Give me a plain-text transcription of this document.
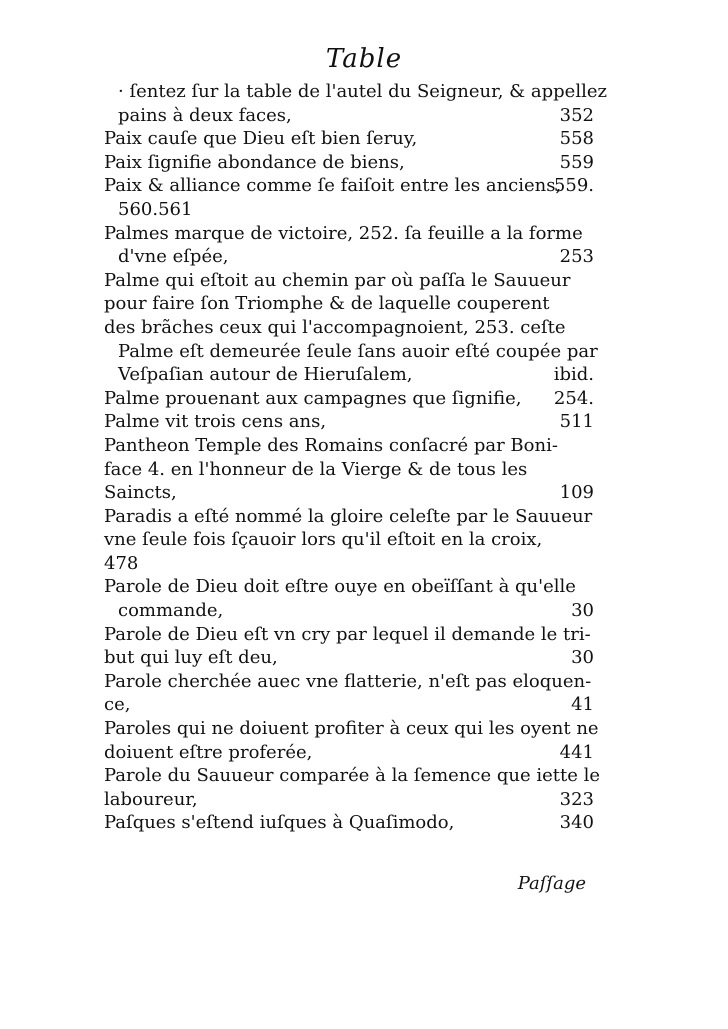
Table
· ſentez ſur la table de l'autel du Seigneur, & appellez
pains à deux faces,	352
Paix cauſe que Dieu eſt bien ſeruy,	558
Paix ſignifie abondance de biens,	559
Paix & alliance comme ſe faiſoit entre les anciens,
559.
560.561
Palmes marque de victoire, 252. ſa feuille a la forme
d'vne eſpée,	253
Palme qui eſtoit au chemin par où paſſa le Sauueur
pour faire ſon Triomphe & de laquelle couperent
des brãches ceux qui l'accompagnoient, 253. ceſte
Palme eſt demeurée ſeule ſans auoir eſté coupée par
Veſpaſian autour de Hieruſalem,	ibid.
Palme prouenant aux campagnes que ſignifie, 254.
Palme vit trois cens ans,	511
Pantheon Temple des Romains conſacré par Boni-
face 4. en l'honneur de la Vierge & de tous les
Saincts,	109
Paradis a eſté nommé la gloire celeſte par le Sauueur
vne ſeule fois ſçauoir lors qu'il eſtoit en la croix,
478
Parole de Dieu doit eſtre ouye en obeïſſant à qu'elle
commande,	30
Parole de Dieu eſt vn cry par lequel il demande le tri-
but qui luy eſt deu,	30
Parole cherchée auec vne flatterie, n'eſt pas eloquen-
ce,	41
Paroles qui ne doiuent profiter à ceux qui les oyent ne
doiuent eſtre proferée,	441
Parole du Sauueur comparée à la ſemence que iette le
laboureur,	323
Paſques s'eſtend iuſques à Quaſimodo,	340
Paſſage
